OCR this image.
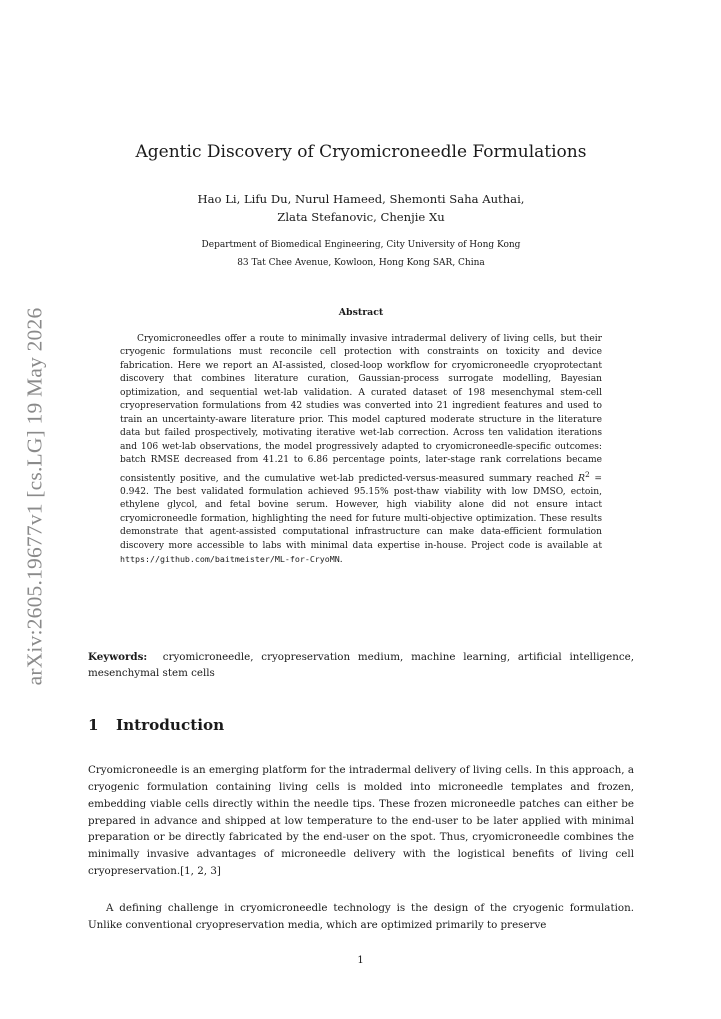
arXiv:2605.19677v1 [cs.LG] 19 May 2026
Agentic Discovery of Cryomicroneedle Formulations
Hao Li, Lifu Du, Nurul Hameed, Shemonti Saha Authai,
Zlata Stefanovic, Chenjie Xu
Department of Biomedical Engineering, City University of Hong Kong
83 Tat Chee Avenue, Kowloon, Hong Kong SAR, China
Abstract

Cryomicroneedles offer a route to minimally invasive intradermal delivery of living cells, but their cryogenic formulations must reconcile cell protection with constraints on toxicity and device fabrication. Here we report an AI-assisted, closed-loop workflow for cryomicroneedle cryoprotectant discovery that combines literature curation, Gaussian-process surrogate modelling, Bayesian optimization, and sequential wet-lab validation. A curated dataset of 198 mesenchymal stem-cell cryopreservation formulations from 42 studies was converted into 21 ingredient features and used to train an uncertainty-aware literature prior. This model captured moderate structure in the literature data but failed prospectively, motivating iterative wet-lab correction. Across ten validation iterations and 106 wet-lab observations, the model progressively adapted to cryomicroneedle-specific outcomes: batch RMSE decreased from 41.21 to 6.86 percentage points, later-stage rank correlations became consistently positive, and the cumulative wet-lab predicted-versus-measured summary reached $R^2 = 0.942$. The best validated formulation achieved 95.15% post-thaw viability with low DMSO, ectoin, ethylene glycol, and fetal bovine serum. However, high viability alone did not ensure intact cryomicroneedle formation, highlighting the need for future multi-objective optimization. These results demonstrate that agent-assisted computational infrastructure can make data-efficient formulation discovery more accessible to labs with minimal data expertise in-house. Project code is available at https://github.com/baitmeister/ML-for-CryoMN.

Keywords: cryomicroneedle, cryopreservation medium, machine learning, artificial intelligence, mesenchymal stem cells

1 Introduction

Cryomicroneedle is an emerging platform for the intradermal delivery of living cells. In this approach, a cryogenic formulation containing living cells is molded into microneedle templates and frozen, embedding viable cells directly within the needle tips. These frozen microneedle patches can either be prepared in advance and shipped at low temperature to the end-user to be later applied with minimal preparation or be directly fabricated by the end-user on the spot. Thus, cryomicroneedle combines the minimally invasive advantages of microneedle delivery with the logistical benefits of living cell cryopreservation.[1, 2, 3]

A defining challenge in cryomicroneedle technology is the design of the cryogenic formulation. Unlike conventional cryopreservation media, which are optimized primarily to preserve

1
